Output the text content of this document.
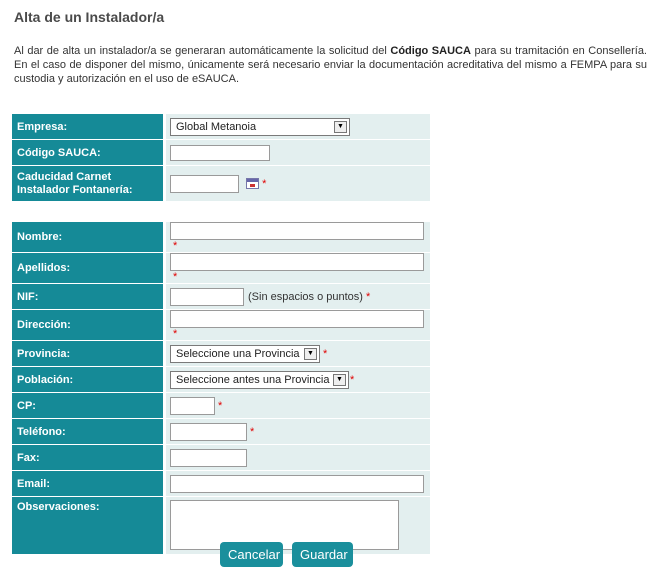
Alta de un Instalador/a
Al dar de alta un instalador/a se generaran automáticamente la solicitud del Código SAUCA para su tramitación en Consellería. En el caso de disponer del mismo, únicamente será necesario enviar la documentación acreditativa del mismo a FEMPA para su custodia y autorización en el uso de eSAUCA.
Empresa:	Global Metanoia ▼

Código SAUCA:	
Caducidad Carnet
Instalador Fontanería:	*
Nombre:	*
Apellidos:	*
NIF:	(Sin espacios o puntos) *
Dirección:	*
Provincia:	Seleccione una Provincia ▼ *
Población:	Seleccione antes una Provincia ▼ *
CP:	*
Teléfono:	*
Fax:	
Email:	
Observaciones:	
Cancelar	Guardar
